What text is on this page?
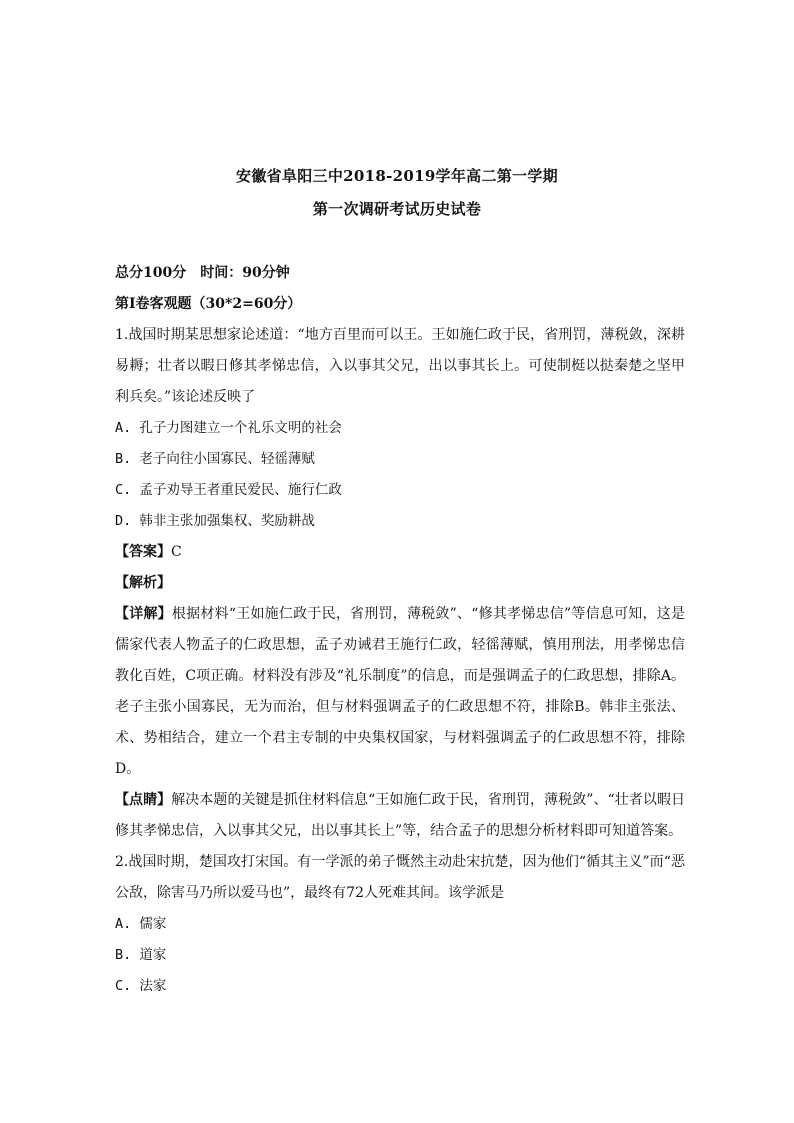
安徽省阜阳三中2018-2019学年高二第一学期
第一次调研考试历史试卷

总分100分　时间：90分钟

第Ⅰ卷客观题（30*2=60分）

1.战国时期某思想家论述道：“地方百里而可以王。王如施仁政于民，省刑罚，薄税敛，深耕易耨；壮者以暇日修其孝悌忠信，入以事其父兄，出以事其长上。可使制梃以挞秦楚之坚甲利兵矣。”该论述反映了

A. 孔子力图建立一个礼乐文明的社会

B. 老子向往小国寡民、轻徭薄赋

C. 孟子劝导王者重民爱民、施行仁政

D. 韩非主张加强集权、奖励耕战

【答案】C

【解析】

【详解】根据材料“王如施仁政于民，省刑罚，薄税敛”、“修其孝悌忠信”等信息可知，这是儒家代表人物孟子的仁政思想，孟子劝诫君王施行仁政，轻徭薄赋，慎用刑法，用孝悌忠信教化百姓，C项正确。材料没有涉及“礼乐制度”的信息，而是强调孟子的仁政思想，排除A。老子主张小国寡民，无为而治，但与材料强调孟子的仁政思想不符，排除B。韩非主张法、术、势相结合，建立一个君主专制的中央集权国家，与材料强调孟子的仁政思想不符，排除D。

【点睛】解决本题的关键是抓住材料信息“王如施仁政于民，省刑罚，薄税敛”、“壮者以暇日修其孝悌忠信，入以事其父兄，出以事其长上”等，结合孟子的思想分析材料即可知道答案。

2.战国时期，楚国攻打宋国。有一学派的弟子慨然主动赴宋抗楚，因为他们“循其主义”而“恶公敌，除害马乃所以爱马也”，最终有72人死难其间。该学派是

A. 儒家

B. 道家

C. 法家
